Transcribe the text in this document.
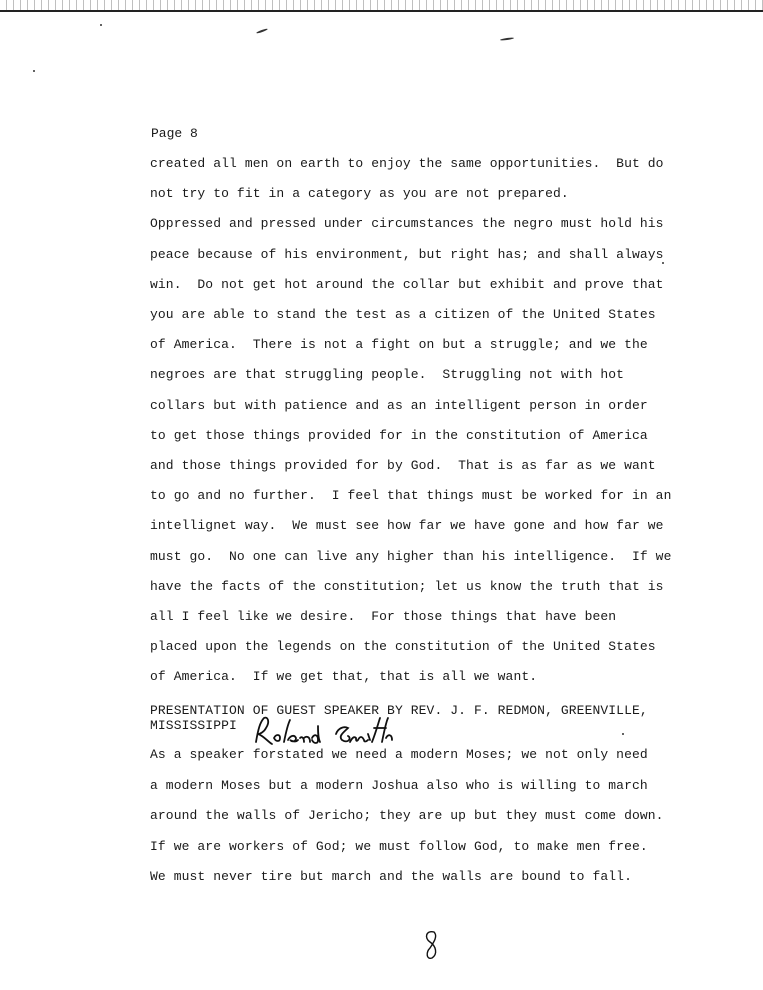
Page 8
created all men on earth to enjoy the same opportunities.  But do
not try to fit in a category as you are not prepared.
Oppressed and pressed under circumstances the negro must hold his
peace because of his environment, but right has; and shall always
win.  Do not get hot around the collar but exhibit and prove that
you are able to stand the test as a citizen of the United States
of America.  There is not a fight on but a struggle; and we the
negroes are that struggling people.  Struggling not with hot
collars but with patience and as an intelligent person in order
to get those things provided for in the constitution of America
and those things provided for by God.  That is as far as we want
to go and no further.  I feel that things must be worked for in an
intellignet way.  We must see how far we have gone and how far we
must go.  No one can live any higher than his intelligence.  If we
have the facts of the constitution; let us know the truth that is
all I feel like we desire.  For those things that have been
placed upon the legends on the constitution of the United States
of America.  If we get that, that is all we want.
PRESENTATION OF GUEST SPEAKER BY REV. J. F. REDMON, GREENVILLE,
MISSISSIPPI
As a speaker forstated we need a modern Moses; we not only need
a modern Moses but a modern Joshua also who is willing to march
around the walls of Jericho; they are up but they must come down.
If we are workers of God; we must follow God, to make men free.
We must never tire but march and the walls are bound to fall.
